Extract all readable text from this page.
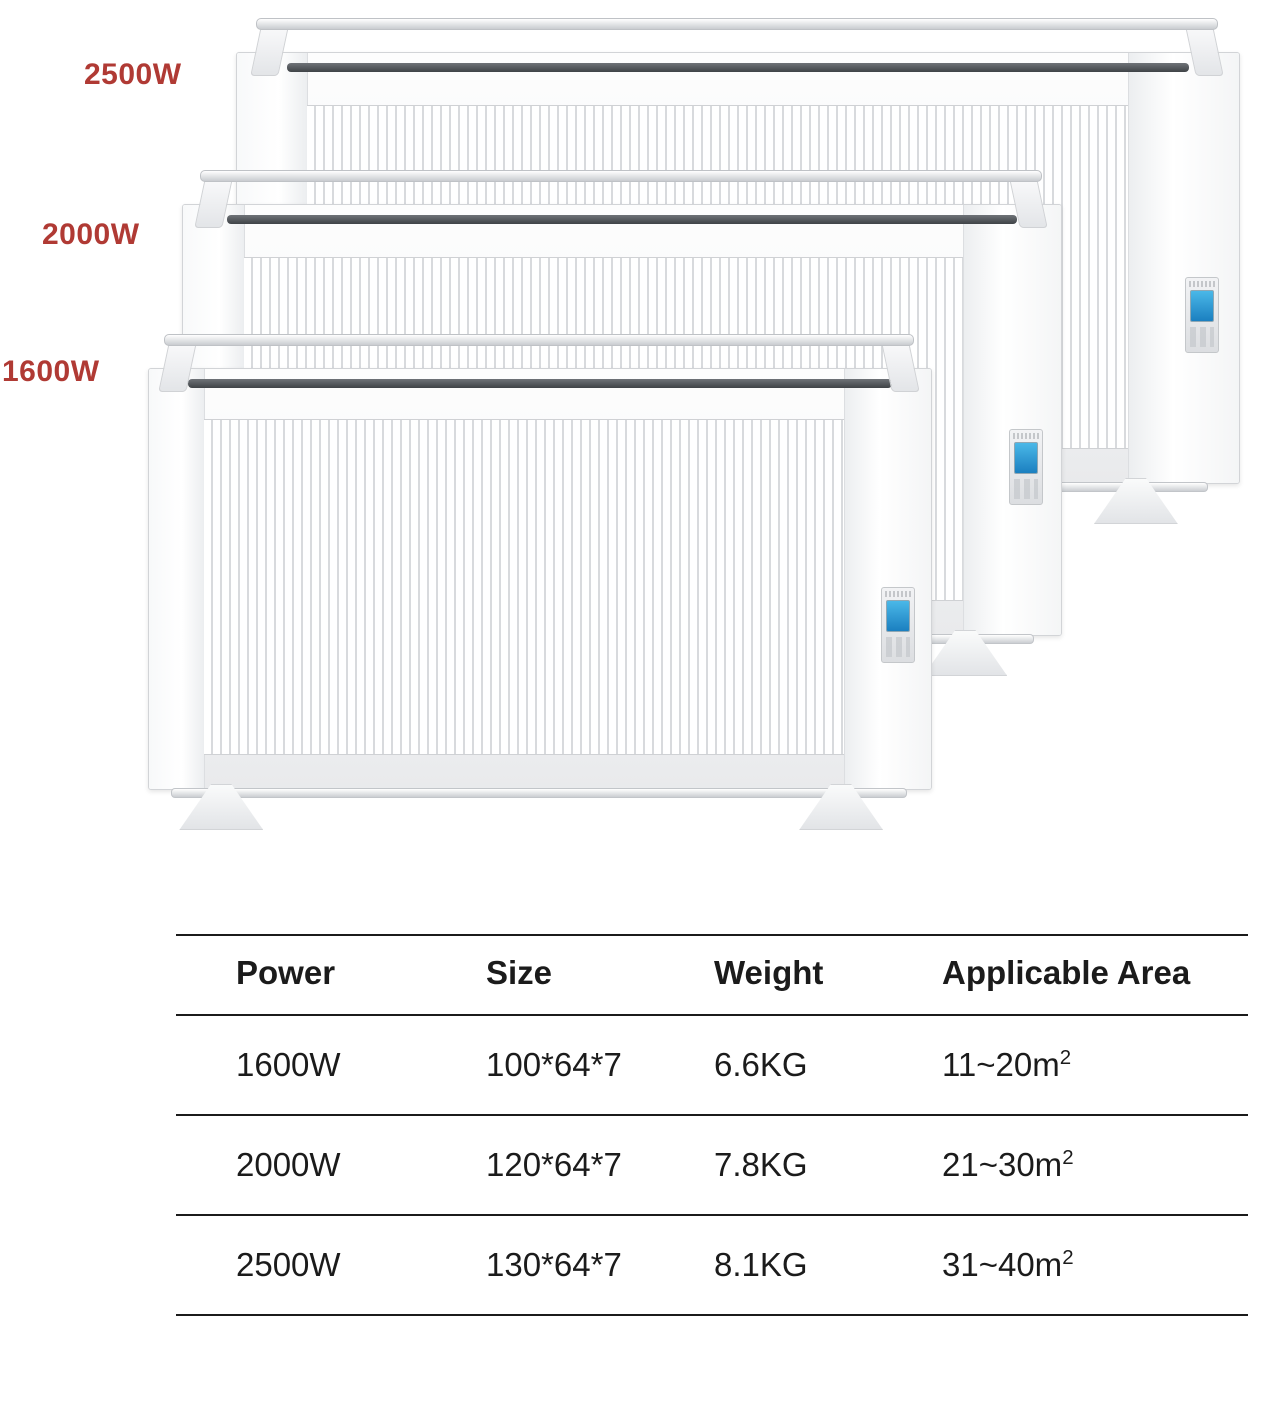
2500W
2000W
1600W
Power	Size	Weight	Applicable Area
1600W	100*64*7	6.6KG	$11\sim 20m^2$
2000W	120*64*7	7.8KG	$21\sim 30m^2$
2500W	130*64*7	8.1KG	$31\sim 40m^2$
